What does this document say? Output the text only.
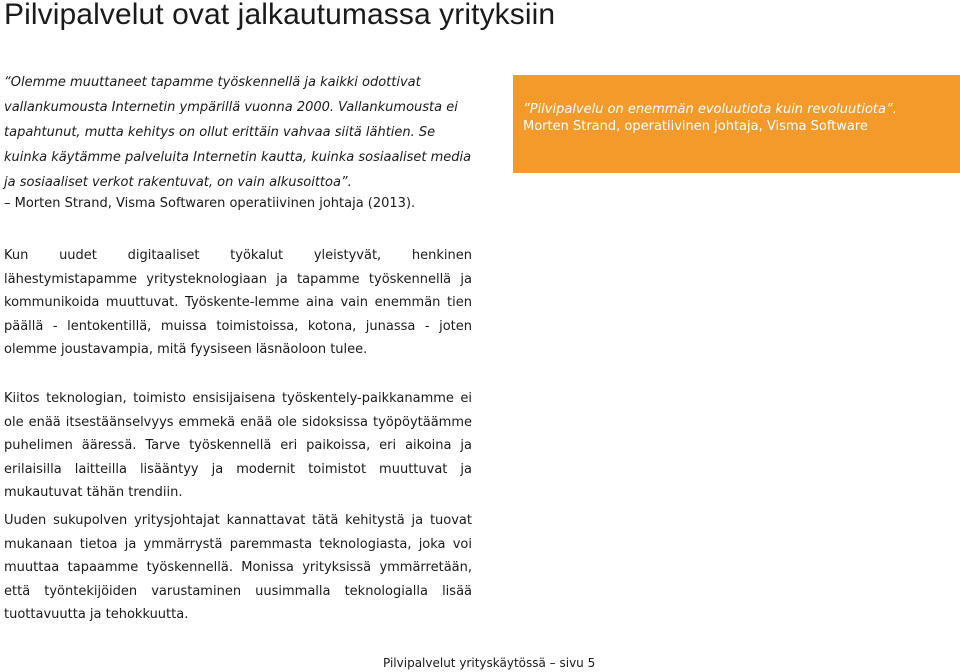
Pilvipalvelut ovat jalkautumassa yrityksiin

“Olemme muuttaneet tapamme työskennellä ja kaikki odottivat vallankumousta Internetin ympärillä vuonna 2000. Vallankumousta ei tapahtunut, mutta kehitys on ollut erittäin vahvaa siitä lähtien. Se kuinka käytämme palveluita Internetin kautta, kuinka sosiaaliset media ja sosiaaliset verkot rakentuvat, on vain alkusoittoa”.

– Morten Strand, Visma Softwaren operatiivinen johtaja (2013).

”Pilvipalvelu on enemmän evoluutiota kuin revoluutiota”.

Morten Strand, operatiivinen johtaja, Visma Software

Kun uudet digitaaliset työkalut yleistyvät, henkinen lähestymistapamme yritysteknologiaan ja tapamme työskennellä ja kommunikoida muuttuvat. Työskente-lemme aina vain enemmän tien päällä - lentokentillä, muissa toimistoissa, kotona, junassa - joten olemme joustavampia, mitä fyysiseen läsnäoloon tulee.

Kiitos teknologian, toimisto ensisijaisena työskentely-paikkanamme ei ole enää itsestäänselvyys emmekä enää ole sidoksissa työpöytäämme puhelimen ääressä. Tarve työskennellä eri paikoissa, eri aikoina ja erilaisilla laitteilla lisääntyy ja modernit toimistot muuttuvat ja mukautuvat tähän trendiin.

Uuden sukupolven yritysjohtajat kannattavat tätä kehitystä ja tuovat mukanaan tietoa ja ymmärrystä paremmasta teknologiasta, joka voi muuttaa tapaamme työskennellä. Monissa yrityksissä ymmärretään, että työntekijöiden varustaminen uusimmalla teknologialla lisää tuottavuutta ja tehokkuutta.

Pilvipalvelut yrityskäytössä – sivu 5
